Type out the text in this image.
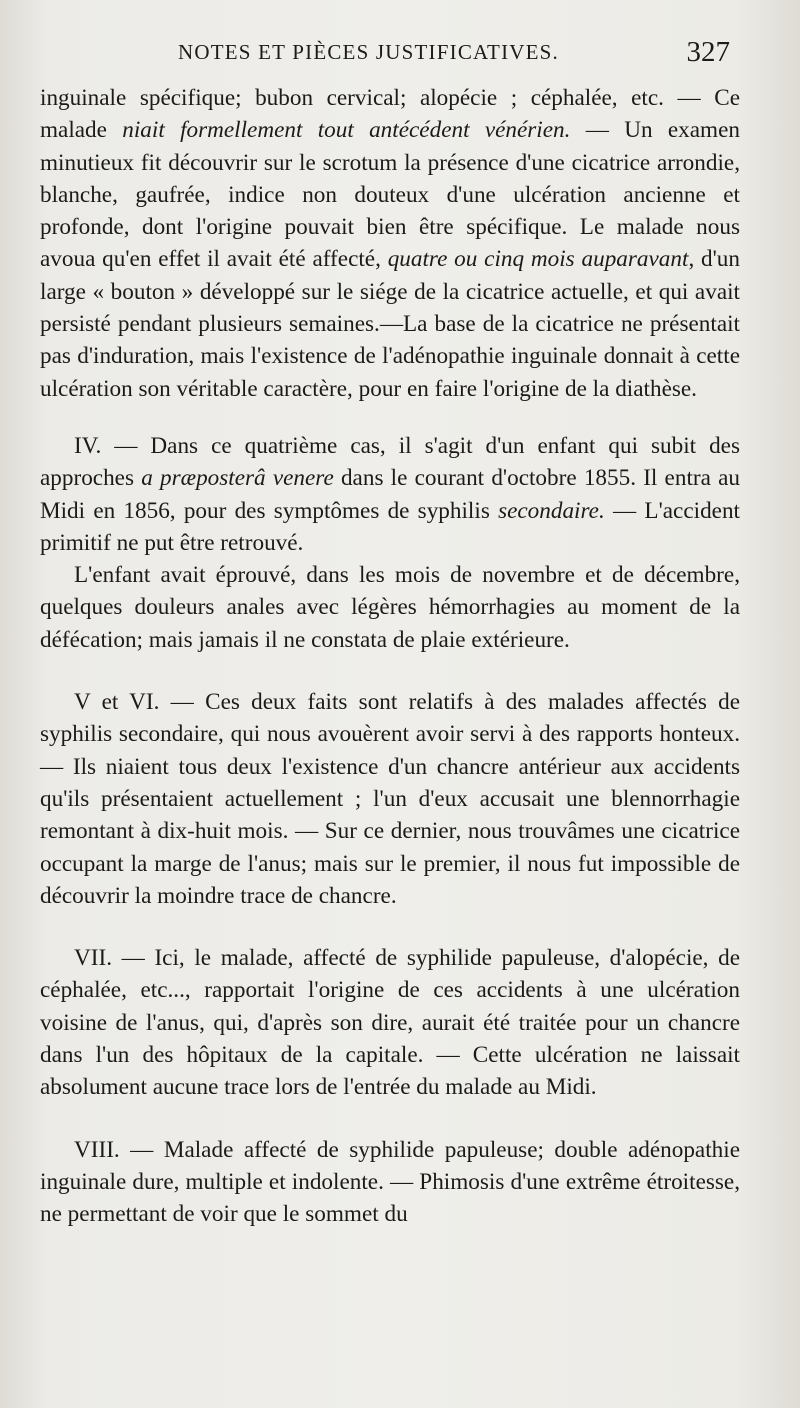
NOTES ET PIÈCES JUSTIFICATIVES.	327

inguinale spécifique; bubon cervical; alopécie ; céphalée, etc. — Ce malade niait formellement tout antécédent vénérien. — Un examen minutieux fit découvrir sur le scrotum la présence d'une cicatrice arrondie, blanche, gaufrée, indice non douteux d'une ulcération ancienne et profonde, dont l'origine pouvait bien être spécifique. Le malade nous avoua qu'en effet il avait été affecté, quatre ou cinq mois auparavant, d'un large « bouton » développé sur le siége de la cicatrice actuelle, et qui avait persisté pendant plusieurs semaines.—La base de la cicatrice ne présentait pas d'induration, mais l'existence de l'adénopathie inguinale donnait à cette ulcération son véritable caractère, pour en faire l'origine de la diathèse.

IV. — Dans ce quatrième cas, il s'agit d'un enfant qui subit des approches a præposterâ venere dans le courant d'octobre 1855. Il entra au Midi en 1856, pour des symptômes de syphilis secondaire. — L'accident primitif ne put être retrouvé.

L'enfant avait éprouvé, dans les mois de novembre et de décembre, quelques douleurs anales avec légères hémorrhagies au moment de la défécation; mais jamais il ne constata de plaie extérieure.

V et VI. — Ces deux faits sont relatifs à des malades affectés de syphilis secondaire, qui nous avouèrent avoir servi à des rapports honteux. — Ils niaient tous deux l'existence d'un chancre antérieur aux accidents qu'ils présentaient actuellement ; l'un d'eux accusait une blennorrhagie remontant à dix-huit mois. — Sur ce dernier, nous trouvâmes une cicatrice occupant la marge de l'anus; mais sur le premier, il nous fut impossible de découvrir la moindre trace de chancre.

VII. — Ici, le malade, affecté de syphilide papuleuse, d'alopécie, de céphalée, etc..., rapportait l'origine de ces accidents à une ulcération voisine de l'anus, qui, d'après son dire, aurait été traitée pour un chancre dans l'un des hôpitaux de la capitale. — Cette ulcération ne laissait absolument aucune trace lors de l'entrée du malade au Midi.

VIII. — Malade affecté de syphilide papuleuse; double adénopathie inguinale dure, multiple et indolente. — Phimosis d'une extrême étroitesse, ne permettant de voir que le sommet du
